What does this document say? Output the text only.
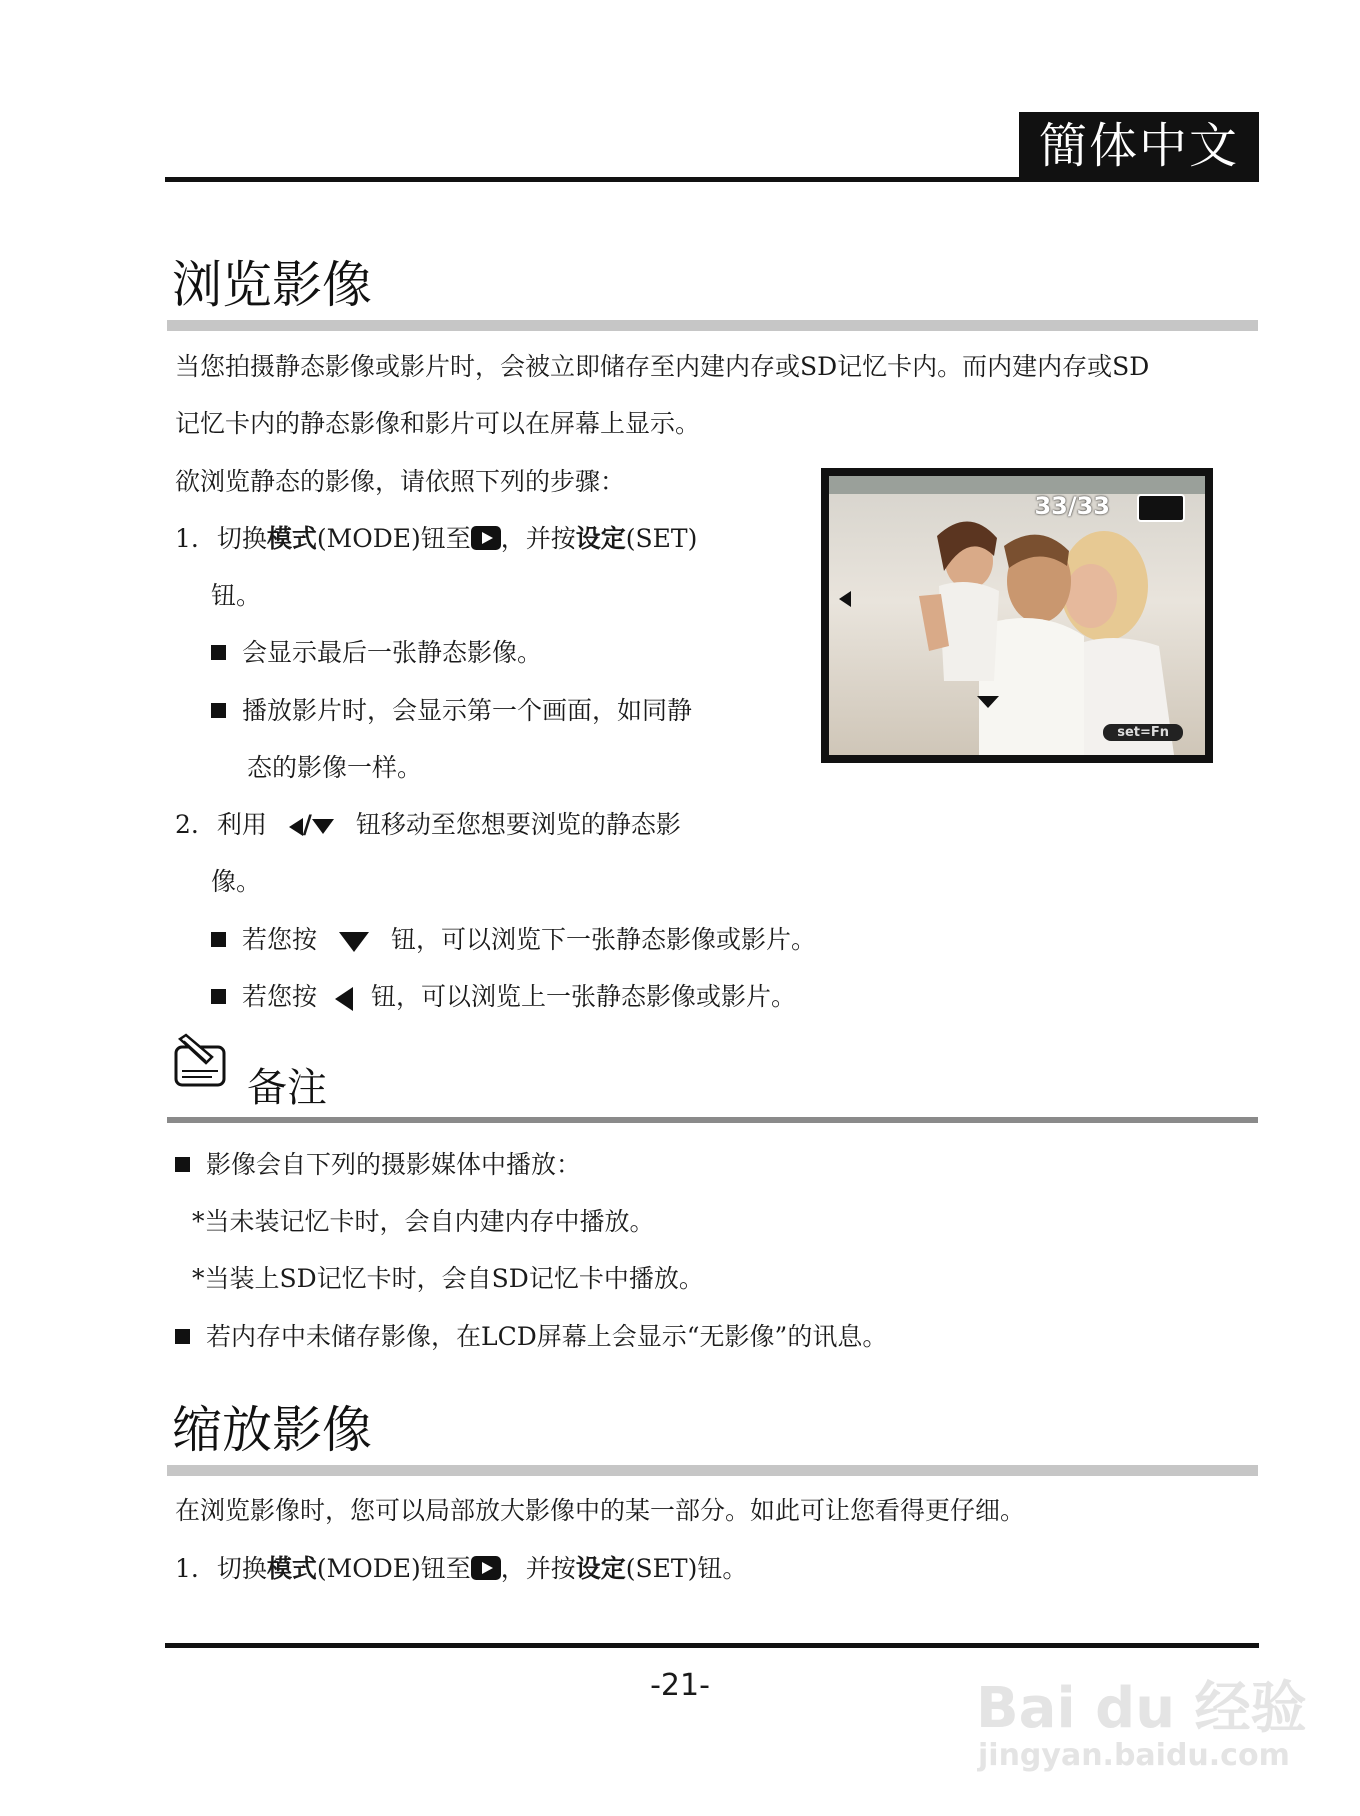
簡体中文
浏览影像
当您拍摄静态影像或影片时，会被立即储存至内建内存或SD记忆卡内。而内建内存或SD
记忆卡内的静态影像和影片可以在屏幕上显示。
欲浏览静态的影像，请依照下列的步骤：
1. 切换模式(MODE)钮至 ，并按设定(SET)
钮。
会显示最后一张静态影像。
播放影片时，会显示第一个画面，如同静
态的影像一样。
2. 利用 / 钮移动至您想要浏览的静态影
像。
若您按	钮，可以浏览下一张静态影像或影片。
若您按 钮，可以浏览上一张静态影像或影片。
33/33
set=Fn
备注
影像会自下列的摄影媒体中播放：
*当未装记忆卡时，会自内建内存中播放。
*当装上SD记忆卡时，会自SD记忆卡中播放。
若内存中未储存影像，在LCD屏幕上会显示“无影像”的讯息。
缩放影像
在浏览影像时，您可以局部放大影像中的某一部分。如此可让您看得更仔细。
1. 切换模式(MODE)钮至 ，并按设定(SET)钮。
-21-	Bai du 经验
jingyan.baidu.com
